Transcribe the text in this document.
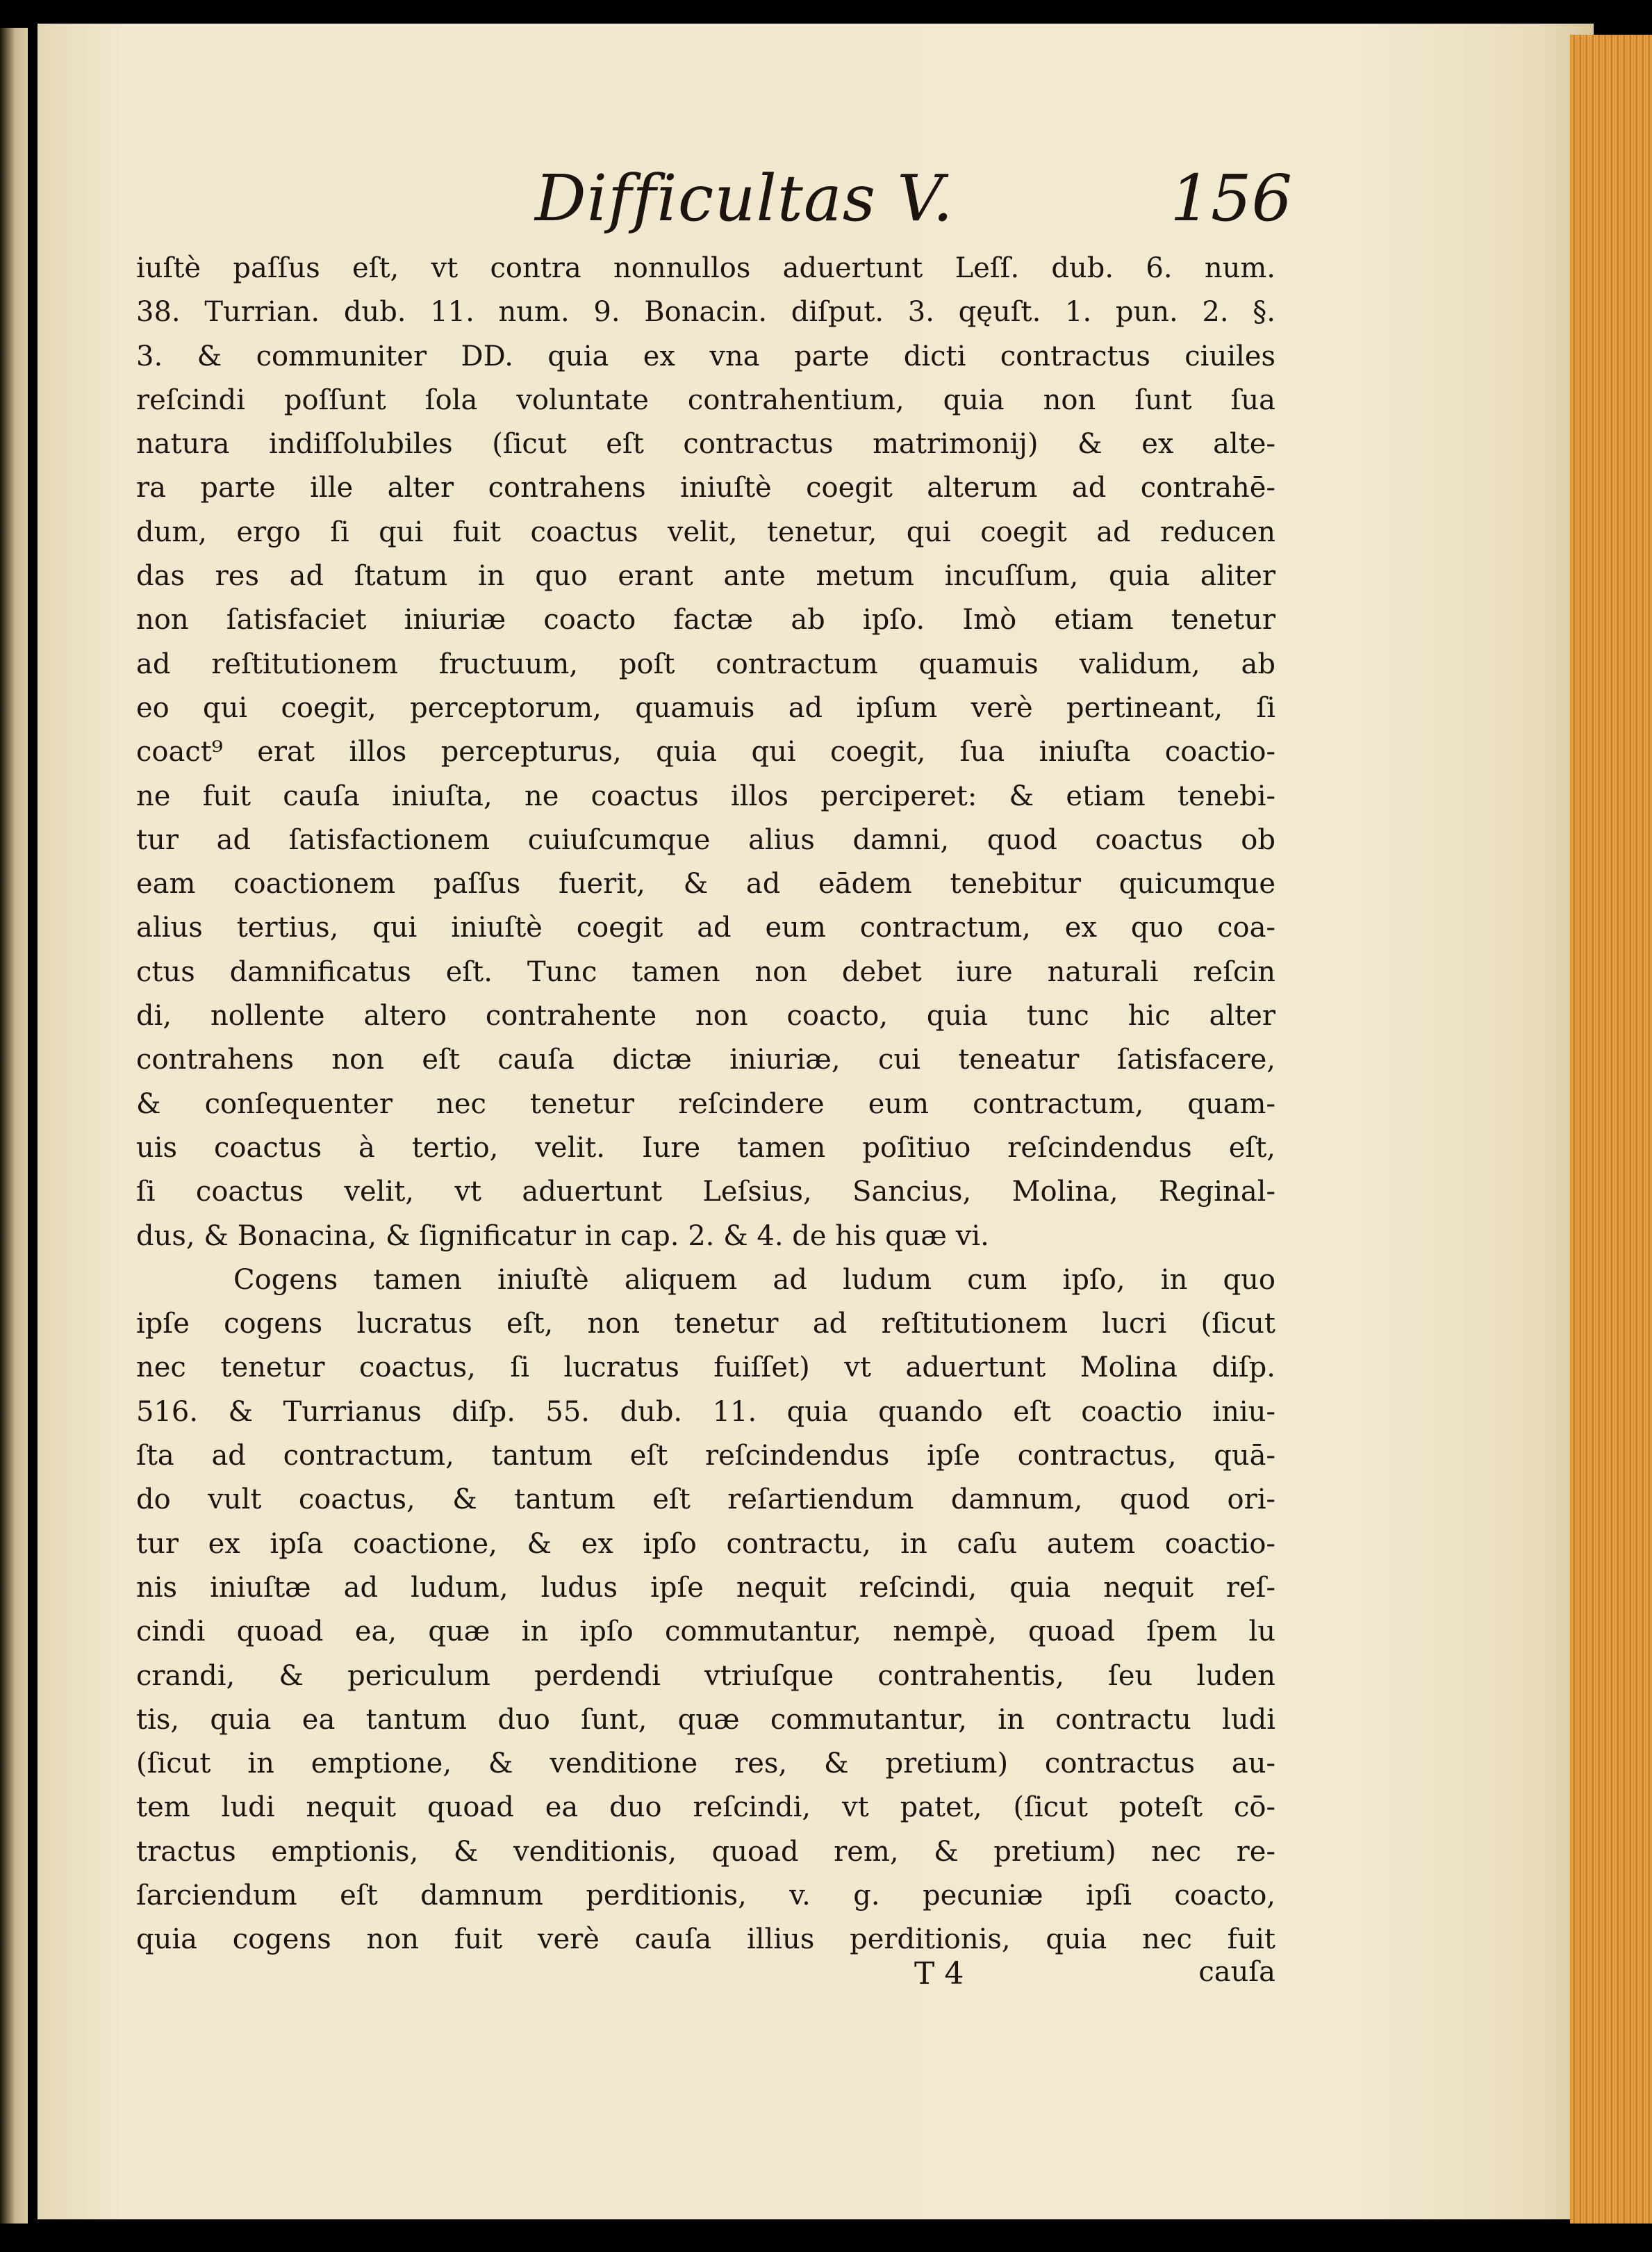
Difficultas V.	156
iuſtè paſſus eſt, vt contra nonnullos aduertunt Leſſ. dub. 6. num.
38. Turrian. dub. 11. num. 9. Bonacin. diſput. 3. qęuſt. 1. pun. 2. §.
3. & communiter DD. quia ex vna parte dicti contractus ciuiles
reſcindi poſſunt ſola voluntate contrahentium, quia non ſunt ſua
natura indiſſolubiles (ſicut eſt contractus matrimonij) & ex alte-
ra parte ille alter contrahens iniuſtè coegit alterum ad contrahē-
dum, ergo ſi qui fuit coactus velit, tenetur, qui coegit ad reducen
das res ad ſtatum in quo erant ante metum incuſſum, quia aliter
non ſatisfaciet iniuriæ coacto factæ ab ipſo. Imò etiam tenetur
ad reſtitutionem fructuum, poſt contractum quamuis validum, ab
eo qui coegit, perceptorum, quamuis ad ipſum verè pertineant, ſi
coact⁹ erat illos percepturus, quia qui coegit, ſua iniuſta coactio-
ne fuit cauſa iniuſta, ne coactus illos perciperet: & etiam tenebi-
tur ad ſatisfactionem cuiuſcumque alius damni, quod coactus ob
eam coactionem paſſus fuerit, & ad eādem tenebitur quicumque
alius tertius, qui iniuſtè coegit ad eum contractum, ex quo coa-
ctus damnificatus eſt. Tunc tamen non debet iure naturali reſcin
di, nollente altero contrahente non coacto, quia tunc hic alter
contrahens non eſt cauſa dictæ iniuriæ, cui teneatur ſatisfacere,
& conſequenter nec tenetur reſcindere eum contractum, quam-
uis coactus à tertio, velit. Iure tamen poſitiuo reſcindendus eſt,
ſi coactus velit, vt aduertunt Leſsius, Sancius, Molina, Reginal-
dus, & Bonacina, & ſignificatur in cap. 2. & 4. de his quæ vi.
Cogens tamen iniuſtè aliquem ad ludum cum ipſo, in quo
ipſe cogens lucratus eſt, non tenetur ad reſtitutionem lucri (ſicut
nec tenetur coactus, ſi lucratus fuiſſet) vt aduertunt Molina diſp.
516. & Turrianus diſp. 55. dub. 11. quia quando eſt coactio iniu-
ſta ad contractum, tantum eſt reſcindendus ipſe contractus, quā-
do vult coactus, & tantum eſt reſartiendum damnum, quod ori-
tur ex ipſa coactione, & ex ipſo contractu, in caſu autem coactio-
nis iniuſtæ ad ludum, ludus ipſe nequit reſcindi, quia nequit reſ-
cindi quoad ea, quæ in ipſo commutantur, nempè, quoad ſpem lu
crandi, & periculum perdendi vtriuſque contrahentis, ſeu luden
tis, quia ea tantum duo ſunt, quæ commutantur, in contractu ludi
(ſicut in emptione, & venditione res, & pretium) contractus au-
tem ludi nequit quoad ea duo reſcindi, vt patet, (ſicut poteſt cō-
tractus emptionis, & venditionis, quoad rem, & pretium) nec re-
ſarciendum eſt damnum perditionis, v. g. pecuniæ ipſi coacto,
quia cogens non fuit verè cauſa illius perditionis, quia nec fuit
T 4	cauſa
